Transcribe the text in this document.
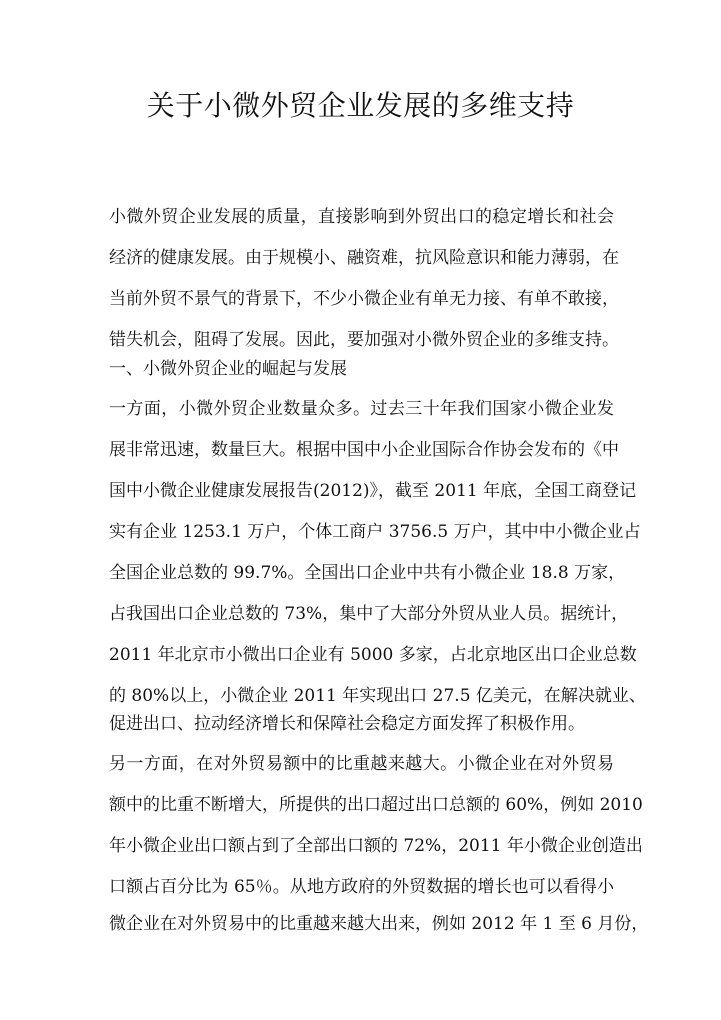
关于小微外贸企业发展的多维支持
小微外贸企业发展的质量，直接影响到外贸出口的稳定增长和社会
经济的健康发展。由于规模小、融资难，抗风险意识和能力薄弱，在
当前外贸不景气的背景下，不少小微企业有单无力接、有单不敢接，
错失机会，阻碍了发展。因此，要加强对小微外贸企业的多维支持。
一、小微外贸企业的崛起与发展
一方面，小微外贸企业数量众多。过去三十年我们国家小微企业发
展非常迅速，数量巨大。根据中国中小企业国际合作协会发布的《中
国中小微企业健康发展报告(2012)》，截至 2011 年底，全国工商登记
实有企业 1253.1 万户，个体工商户 3756.5 万户，其中中小微企业占
全国企业总数的 99.7%。全国出口企业中共有小微企业 18.8 万家，
占我国出口企业总数的 73%，集中了大部分外贸从业人员。据统计，
2011 年北京市小微出口企业有 5000 多家，占北京地区出口企业总数
的 80%以上，小微企业 2011 年实现出口 27.5 亿美元，在解决就业、
促进出口、拉动经济增长和保障社会稳定方面发挥了积极作用。
另一方面，在对外贸易额中的比重越来越大。小微企业在对外贸易
额中的比重不断增大，所提供的出口超过出口总额的 60%，例如 2010
年小微企业出口额占到了全部出口额的 72%，2011 年小微企业创造出
口额占百分比为 65％。从地方政府的外贸数据的增长也可以看得小
微企业在对外贸易中的比重越来越大出来，例如 2012 年 1 至 6 月份，
